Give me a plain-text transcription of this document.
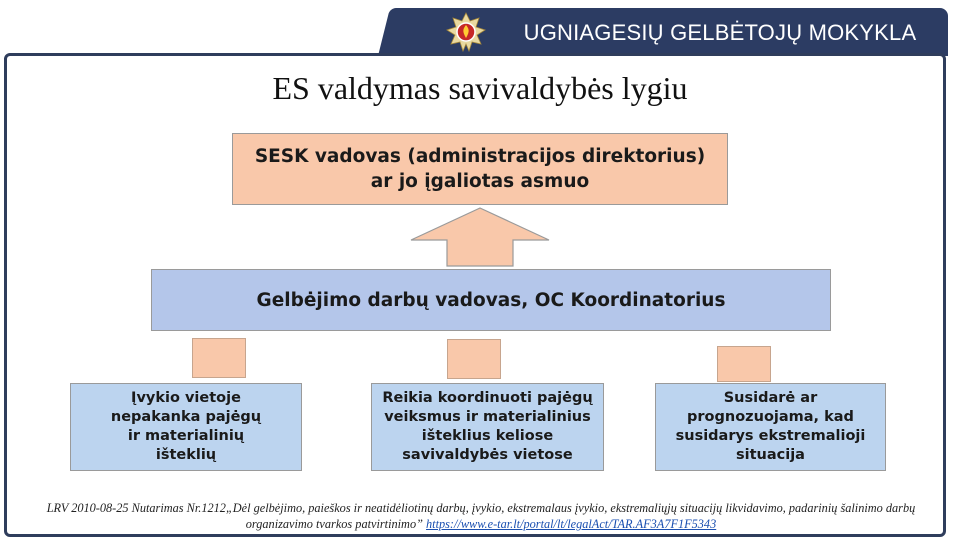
UGNIAGESIŲ GELBĖTOJŲ MOKYKLA
ES valdymas savivaldybės lygiu
SESK vadovas (administracijos direktorius)
ar jo įgaliotas asmuo
Gelbėjimo darbų vadovas, OC Koordinatorius
Įvykio vietoje
nepakanka pajėgų
ir materialinių
išteklių
Reikia koordinuoti pajėgų
veiksmus ir materialinius
išteklius keliose
savivaldybės vietose
Susidarė ar
prognozuojama, kad
susidarys ekstremalioji
situacija
LRV 2010-08-25 Nutarimas Nr.1212„Dėl gelbėjimo, paieškos ir neatidėliotinų darbų, įvykio, ekstremalaus įvykio, ekstremaliųjų situacijų likvidavimo, padarinių šalinimo darbų organizavimo tvarkos patvirtinimo” https://www.e-tar.lt/portal/lt/legalAct/TAR.AF3A7F1F5343
